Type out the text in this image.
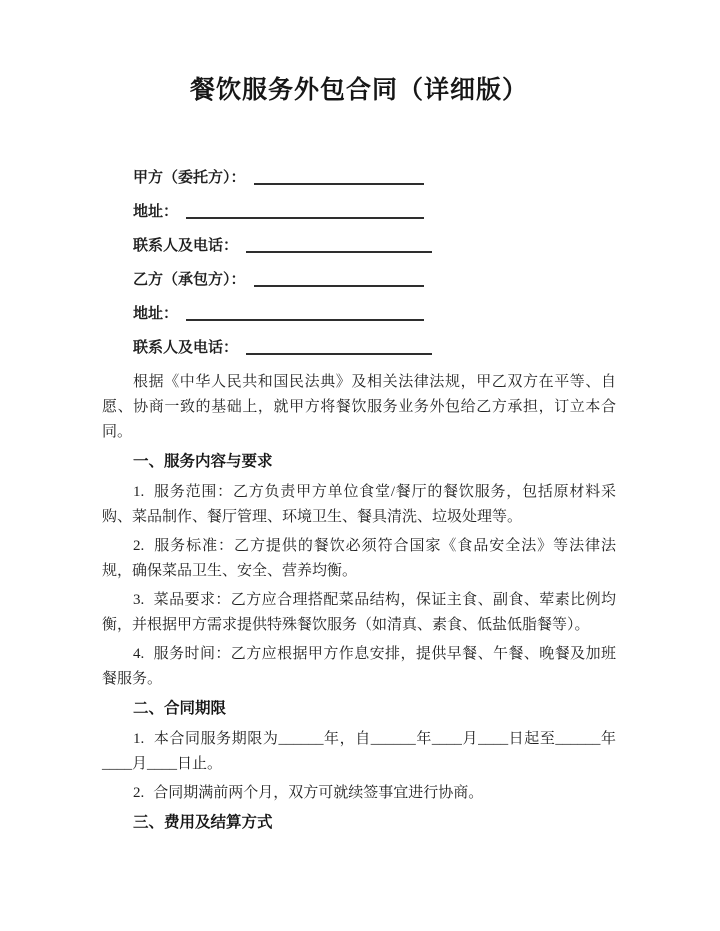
餐饮服务外包合同（详细版）
甲方（委托方）：
地址：
联系人及电话：
乙方（承包方）：
地址：
联系人及电话：

根据《中华人民共和国民法典》及相关法律法规，甲乙双方在平等、自愿、协商一致的基础上，就甲方将餐饮服务业务外包给乙方承担，订立本合同。

一、服务内容与要求

1. 服务范围：乙方负责甲方单位食堂/餐厅的餐饮服务，包括原材料采购、菜品制作、餐厅管理、环境卫生、餐具清洗、垃圾处理等。

2. 服务标准：乙方提供的餐饮必须符合国家《食品安全法》等法律法规，确保菜品卫生、安全、营养均衡。

3. 菜品要求：乙方应合理搭配菜品结构，保证主食、副食、荤素比例均衡，并根据甲方需求提供特殊餐饮服务（如清真、素食、低盐低脂餐等）。

4. 服务时间：乙方应根据甲方作息安排，提供早餐、午餐、晚餐及加班餐服务。

二、合同期限

1. 本合同服务期限为______年，自______年____月____日起至______年____月____日止。

2. 合同期满前两个月，双方可就续签事宜进行协商。

三、费用及结算方式
